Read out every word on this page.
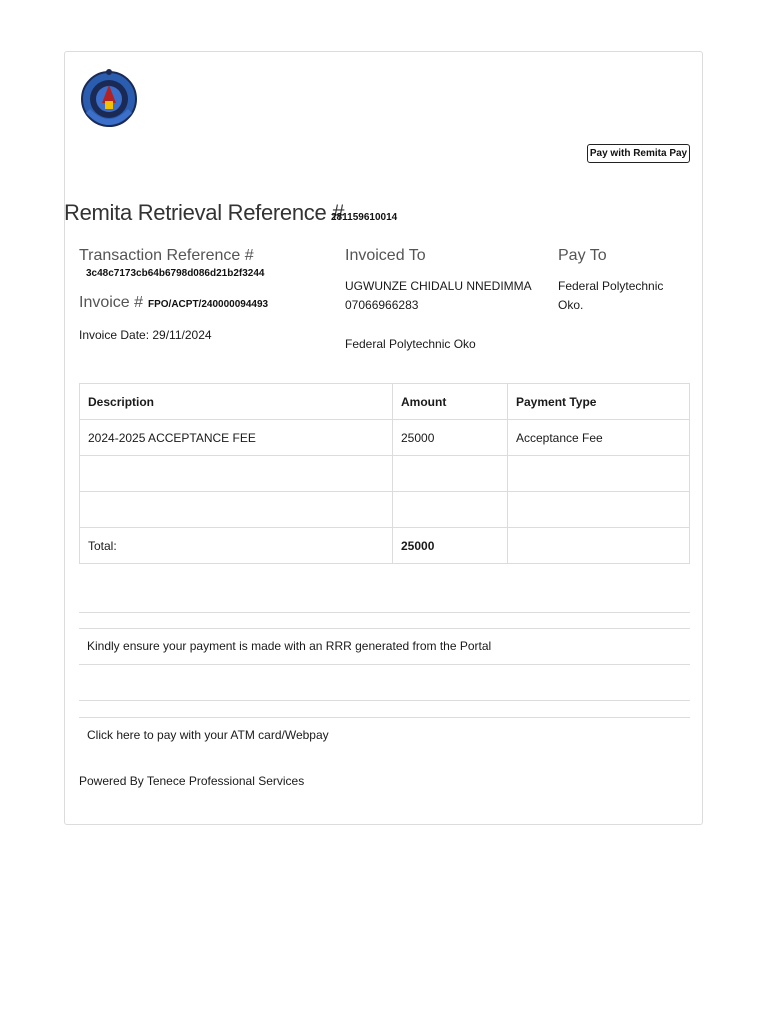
Pay with Remita Pay
Remita Retrieval Reference #
281159610014
Transaction Reference #
3c48c7173cb64b6798d086d21b2f3244
Invoice # FPO/ACPT/240000094493
Invoice Date: 29/11/2024
Invoiced To
UGWUNZE CHIDALU NNEDIMMA
07066966283
Federal Polytechnic Oko
Pay To
Federal Polytechnic
Oko.
Description	Amount	Payment Type
2024-2025 ACCEPTANCE FEE	25000	Acceptance Fee

Total:	25000	
Kindly ensure your payment is made with an RRR generated from the Portal
Click here to pay with your ATM card/Webpay
Powered By Tenece Professional Services
